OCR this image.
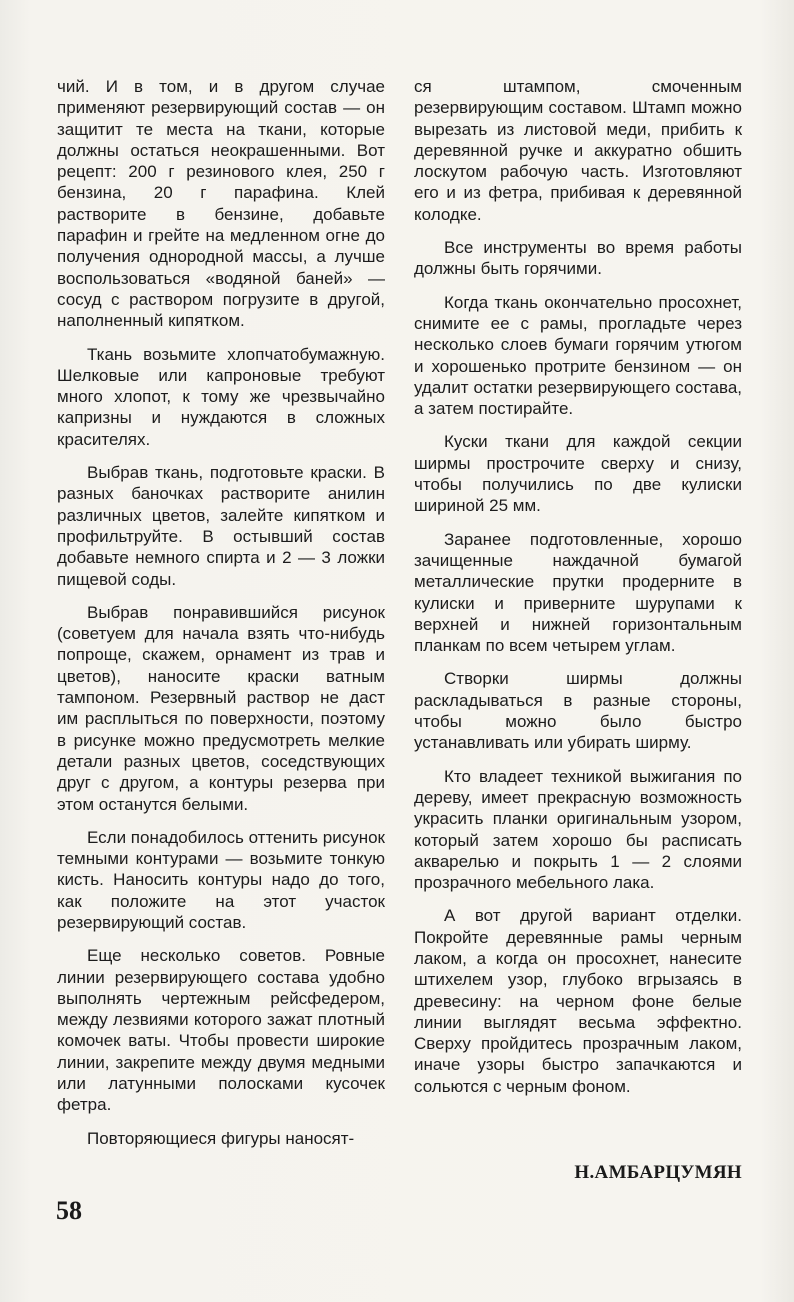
чий. И в том, и в другом случае применяют резервирующий состав — он защитит те места на ткани, которые должны остаться неокрашенными. Вот рецепт: 200 г резинового клея, 250 г бензина, 20 г парафина. Клей растворите в бензине, добавьте парафин и грейте на медленном огне до получения однородной массы, а лучше воспользоваться «водяной баней» — сосуд с раствором погрузите в другой, наполненный кипятком.

Ткань возьмите хлопчатобумажную. Шелковые или капроновые требуют много хлопот, к тому же чрезвычайно капризны и нуждаются в сложных красителях.

Выбрав ткань, подготовьте краски. В разных баночках растворите анилин различных цветов, залейте кипятком и профильтруйте. В остывший состав добавьте немного спирта и 2 — 3 ложки пищевой соды.

Выбрав понравившийся рисунок (советуем для начала взять что-нибудь попроще, скажем, орнамент из трав и цветов), наносите краски ватным тампоном. Резервный раствор не даст им расплыться по поверхности, поэтому в рисунке можно предусмотреть мелкие детали разных цветов, соседствующих друг с другом, а контуры резерва при этом останутся белыми.

Если понадобилось оттенить рисунок темными контурами — возьмите тонкую кисть. Наносить контуры надо до того, как положите на этот участок резервирующий состав.

Еще несколько советов. Ровные линии резервирующего состава удобно выполнять чертежным рейсфедером, между лезвиями которого зажат плотный комочек ваты. Чтобы провести широкие линии, закрепите между двумя медными или латунными полосками кусочек фетра.

Повторяющиеся фигуры наносят-

ся штампом, смоченным резервирующим составом. Штамп можно вырезать из листовой меди, прибить к деревянной ручке и аккуратно обшить лоскутом рабочую часть. Изготовляют его и из фетра, прибивая к деревянной колодке.

Все инструменты во время работы должны быть горячими.

Когда ткань окончательно просохнет, снимите ее с рамы, прогладьте через несколько слоев бумаги горячим утюгом и хорошенько протрите бензином — он удалит остатки резервирующего состава, а затем постирайте.

Куски ткани для каждой секции ширмы прострочите сверху и снизу, чтобы получились по две кулиски шириной 25 мм.

Заранее подготовленные, хорошо зачищенные наждачной бумагой металлические прутки продерните в кулиски и приверните шурупами к верхней и нижней горизонтальным планкам по всем четырем углам.

Створки ширмы должны раскладываться в разные стороны, чтобы можно было быстро устанавливать или убирать ширму.

Кто владеет техникой выжигания по дереву, имеет прекрасную возможность украсить планки оригинальным узором, который затем хорошо бы расписать акварелью и покрыть 1 — 2 слоями прозрачного мебельного лака.

А вот другой вариант отделки. Покройте деревянные рамы черным лаком, а когда он просохнет, нанесите штихелем узор, глубоко вгрызаясь в древесину: на черном фоне белые линии выглядят весьма эффектно. Сверху пройдитесь прозрачным лаком, иначе узоры быстро запачкаются и сольются с черным фоном.

Н.АМБАРЦУМЯН
58
